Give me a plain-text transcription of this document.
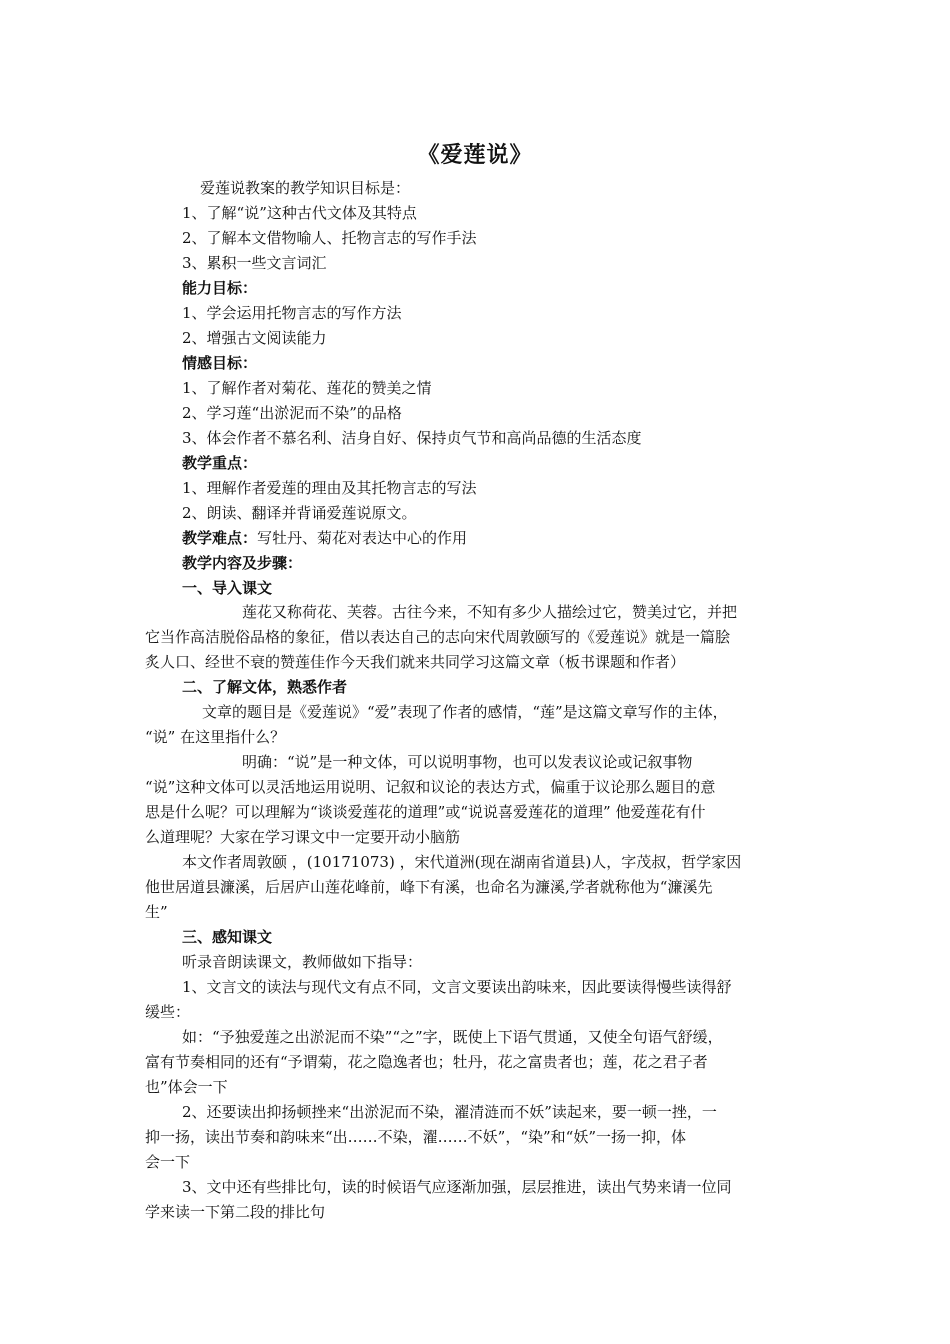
《爱莲说》
爱莲说教案的教学知识目标是：
1、了解“说”这种古代文体及其特点
2、了解本文借物喻人、托物言志的写作手法
3、累积一些文言词汇
能力目标：
1、学会运用托物言志的写作方法
2、增强古文阅读能力
情感目标：
1、了解作者对菊花、莲花的赞美之情
2、学习莲“出淤泥而不染”的品格
3、体会作者不慕名利、洁身自好、保持贞气节和高尚品德的生活态度
教学重点：
1、理解作者爱莲的理由及其托物言志的写法
2、朗读、翻译并背诵爱莲说原文。
教学难点：写牡丹、菊花对表达中心的作用
教学内容及步骤：
一、导入课文
莲花又称荷花、芙蓉。古往今来，不知有多少人描绘过它，赞美过它，并把
它当作高洁脱俗品格的象征，借以表达自己的志向宋代周敦颐写的《爱莲说》就是一篇脍
炙人口、经世不衰的赞莲佳作今天我们就来共同学习这篇文章（板书课题和作者）
二、了解文体，熟悉作者
文章的题目是《爱莲说》“爱”表现了作者的感情，“莲”是这篇文章写作的主体，
“说” 在这里指什么？
明确：“说”是一种文体，可以说明事物，也可以发表议论或记叙事物
“说”这种文体可以灵活地运用说明、记叙和议论的表达方式，偏重于议论那么题目的意
思是什么呢？可以理解为“谈谈爱莲花的道理”或“说说喜爱莲花的道理” 他爱莲花有什
么道理呢？大家在学习课文中一定要开动小脑筋
本文作者周敦颐 ，(10171073) ，宋代道洲(现在湖南省道县)人，字茂叔，哲学家因
他世居道县濂溪，后居庐山莲花峰前，峰下有溪，也命名为濂溪,学者就称他为“濂溪先
生”
三、感知课文
听录音朗读课文，教师做如下指导：
1、文言文的读法与现代文有点不同，文言文要读出韵味来，因此要读得慢些读得舒
缓些：
如：“予独爱莲之出淤泥而不染”“之”字，既使上下语气贯通，又使全句语气舒缓，
富有节奏相同的还有“予谓菊，花之隐逸者也；牡丹，花之富贵者也；莲，花之君子者
也”体会一下
2、还要读出抑扬顿挫来“出淤泥而不染，濯清涟而不妖”读起来，要一顿一挫，一
抑一扬，读出节奏和韵味来“出……不染，濯……不妖”，“染”和“妖”一扬一抑，体
会一下
3、文中还有些排比句，读的时候语气应逐渐加强，层层推进，读出气势来请一位同
学来读一下第二段的排比句
